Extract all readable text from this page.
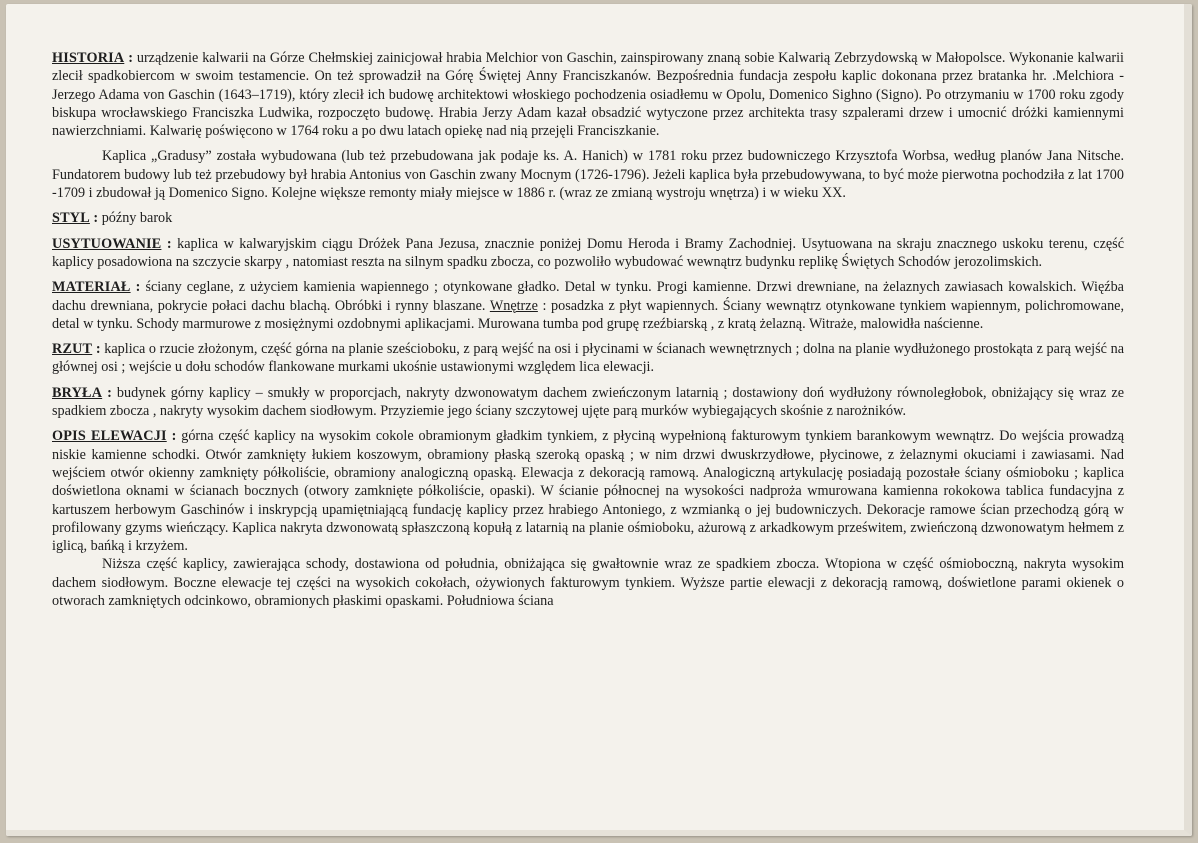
HISTORIA : urządzenie kalwarii na Górze Chełmskiej zainicjował hrabia Melchior von Gaschin, zainspirowany znaną sobie Kalwarią Zebrzydowską w Małopolsce. Wykonanie kalwarii zlecił spadkobiercom w swoim testamencie. On też sprowadził na Górę Świętej Anny Franciszkanów. Bezpośrednia fundacja zespołu kaplic dokonana przez bratanka hr. .Melchiora - Jerzego Adama von Gaschin (1643–1719), który zlecił ich budowę architektowi włoskiego pochodzenia osiadłemu w Opolu, Domenico Sighno (Signo). Po otrzymaniu w 1700 roku zgody biskupa wrocławskiego Franciszka Ludwika, rozpoczęto budowę. Hrabia Jerzy Adam kazał obsadzić wytyczone przez architekta trasy szpalerami drzew i umocnić dróżki kamiennymi nawierzchniami. Kalwarię poświęcono w 1764 roku a po dwu latach opiekę nad nią przejęli Franciszkanie.

Kaplica „Gradusy” została wybudowana (lub też przebudowana jak podaje ks. A. Hanich) w 1781 roku przez budowniczego Krzysztofa Worbsa, według planów Jana Nitsche. Fundatorem budowy lub też przebudowy był hrabia Antonius von Gaschin zwany Mocnym (1726-1796). Jeżeli kaplica była przebudowywana, to być może pierwotna pochodziła z lat 1700 -1709 i zbudował ją Domenico Signo. Kolejne większe remonty miały miejsce w 1886 r. (wraz ze zmianą wystroju wnętrza) i w wieku XX.

STYL : późny barok

USYTUOWANIE : kaplica w kalwaryjskim ciągu Dróżek Pana Jezusa, znacznie poniżej Domu Heroda i Bramy Zachodniej. Usytuowana na skraju znacznego uskoku terenu, część kaplicy posadowiona na szczycie skarpy , natomiast reszta na silnym spadku zbocza, co pozwoliło wybudować wewnątrz budynku replikę Świętych Schodów jerozolimskich.

MATERIAŁ : ściany ceglane, z użyciem kamienia wapiennego ; otynkowane gładko. Detal w tynku. Progi kamienne. Drzwi drewniane, na żelaznych zawiasach kowalskich. Więźba dachu drewniana, pokrycie połaci dachu blachą. Obróbki i rynny blaszane. Wnętrze : posadzka z płyt wapiennych. Ściany wewnątrz otynkowane tynkiem wapiennym, polichromowane, detal w tynku. Schody marmurowe z mosiężnymi ozdobnymi aplikacjami. Murowana tumba pod grupę rzeźbiarską , z kratą żelazną. Witraże, malowidła naścienne.

RZUT : kaplica o rzucie złożonym, część górna na planie sześcioboku, z parą wejść na osi i płycinami w ścianach wewnętrznych ; dolna na planie wydłużonego prostokąta z parą wejść na głównej osi ; wejście u dołu schodów flankowane murkami ukośnie ustawionymi względem lica elewacji.

BRYŁA : budynek górny kaplicy – smukły w proporcjach, nakryty dzwonowatym dachem zwieńczonym latarnią ; dostawiony doń wydłużony równoległobok, obniżający się wraz ze spadkiem zbocza , nakryty wysokim dachem siodłowym. Przyziemie jego ściany szczytowej ujęte parą murków wybiegających skośnie z narożników.

OPIS ELEWACJI : górna część kaplicy na wysokim cokole obramionym gładkim tynkiem, z płyciną wypełnioną fakturowym tynkiem barankowym wewnątrz. Do wejścia prowadzą niskie kamienne schodki. Otwór zamknięty łukiem koszowym, obramiony płaską szeroką opaską ; w nim drzwi dwuskrzydłowe, płycinowe, z żelaznymi okuciami i zawiasami. Nad wejściem otwór okienny zamknięty półkoliście, obramiony analogiczną opaską. Elewacja z dekoracją ramową. Analogiczną artykulację posiadają pozostałe ściany ośmioboku ; kaplica doświetlona oknami w ścianach bocznych (otwory zamknięte półkoliście, opaski). W ścianie północnej na wysokości nadproża wmurowana kamienna rokokowa tablica fundacyjna z kartuszem herbowym Gaschinów i inskrypcją upamiętniającą fundację kaplicy przez hrabiego Antoniego, z wzmianką o jej budowniczych. Dekoracje ramowe ścian przechodzą górą w profilowany gzyms wieńczący. Kaplica nakryta dzwonowatą spłaszczoną kopułą z latarnią na planie ośmioboku, ażurową z arkadkowym prześwitem, zwieńczoną dzwonowatym hełmem z iglicą, bańką i krzyżem.

Niższa część kaplicy, zawierająca schody, dostawiona od południa, obniżająca się gwałtownie wraz ze spadkiem zbocza. Wtopiona w część ośmioboczną, nakryta wysokim dachem siodłowym. Boczne elewacje tej części na wysokich cokołach, ożywionych fakturowym tynkiem. Wyższe partie elewacji z dekoracją ramową, doświetlone parami okienek o otworach zamkniętych odcinkowo, obramionych płaskimi opaskami. Południowa ściana
